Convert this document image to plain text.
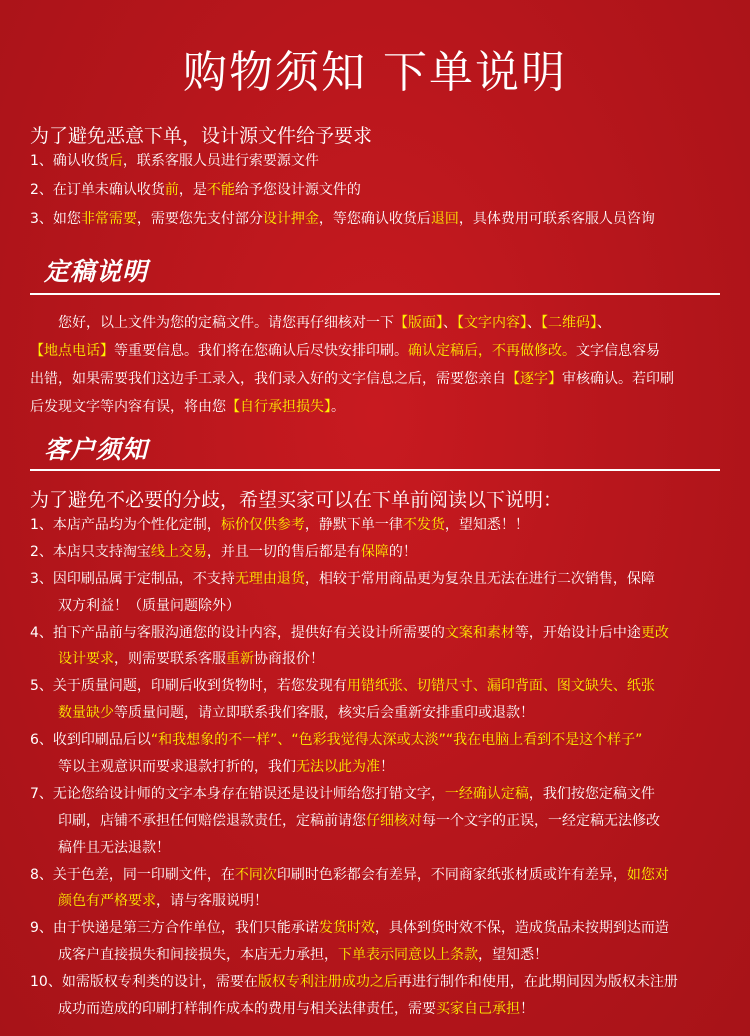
购物须知 下单说明
为了避免恶意下单，设计源文件给予要求
1、确认收货后，联系客服人员进行索要源文件
2、在订单未确认收货前，是不能给予您设计源文件的
3、如您非常需要，需要您先支付部分设计押金，等您确认收货后退回，具体费用可联系客服人员咨询
定稿说明
　　您好，以上文件为您的定稿文件。请您再仔细核对一下【版面】、【文字内容】、【二维码】、
【地点电话】等重要信息。我们将在您确认后尽快安排印刷。确认定稿后，不再做修改。文字信息容易
出错，如果需要我们这边手工录入，我们录入好的文字信息之后，需要您亲自【逐字】审核确认。若印刷
后发现文字等内容有误，将由您【自行承担损失】。
客户须知
为了避免不必要的分歧，希望买家可以在下单前阅读以下说明：
1、本店产品均为个性化定制，标价仅供参考，静默下单一律不发货，望知悉！！
2、本店只支持淘宝线上交易，并且一切的售后都是有保障的！
3、因印刷品属于定制品，不支持无理由退货，相较于常用商品更为复杂且无法在进行二次销售，保障
　　双方利益！（质量问题除外）
4、拍下产品前与客服沟通您的设计内容，提供好有关设计所需要的文案和素材等，开始设计后中途更改
　　设计要求，则需要联系客服重新协商报价！
5、关于质量问题，印刷后收到货物时，若您发现有用错纸张、切错尺寸、漏印背面、图文缺失、纸张
　　数量缺少等质量问题，请立即联系我们客服，核实后会重新安排重印或退款！
6、收到印刷品后以“和我想象的不一样”、“色彩我觉得太深或太淡”“我在电脑上看到不是这个样子”
　　等以主观意识而要求退款打折的，我们无法以此为准！
7、无论您给设计师的文字本身存在错误还是设计师给您打错文字，一经确认定稿，我们按您定稿文件
　　印刷，店铺不承担任何赔偿退款责任，定稿前请您仔细核对每一个文字的正误，一经定稿无法修改
　　稿件且无法退款！
8、关于色差，同一印刷文件，在不同次印刷时色彩都会有差异，不同商家纸张材质或许有差异，如您对
　　颜色有严格要求，请与客服说明！
9、由于快递是第三方合作单位，我们只能承诺发货时效，具体到货时效不保，造成货品未按期到达而造
　　成客户直接损失和间接损失，本店无力承担，下单表示同意以上条款，望知悉！
10、如需版权专利类的设计，需要在版权专利注册成功之后再进行制作和使用，在此期间因为版权未注册
　　成功而造成的印刷打样制作成本的费用与相关法律责任，需要买家自己承担！
